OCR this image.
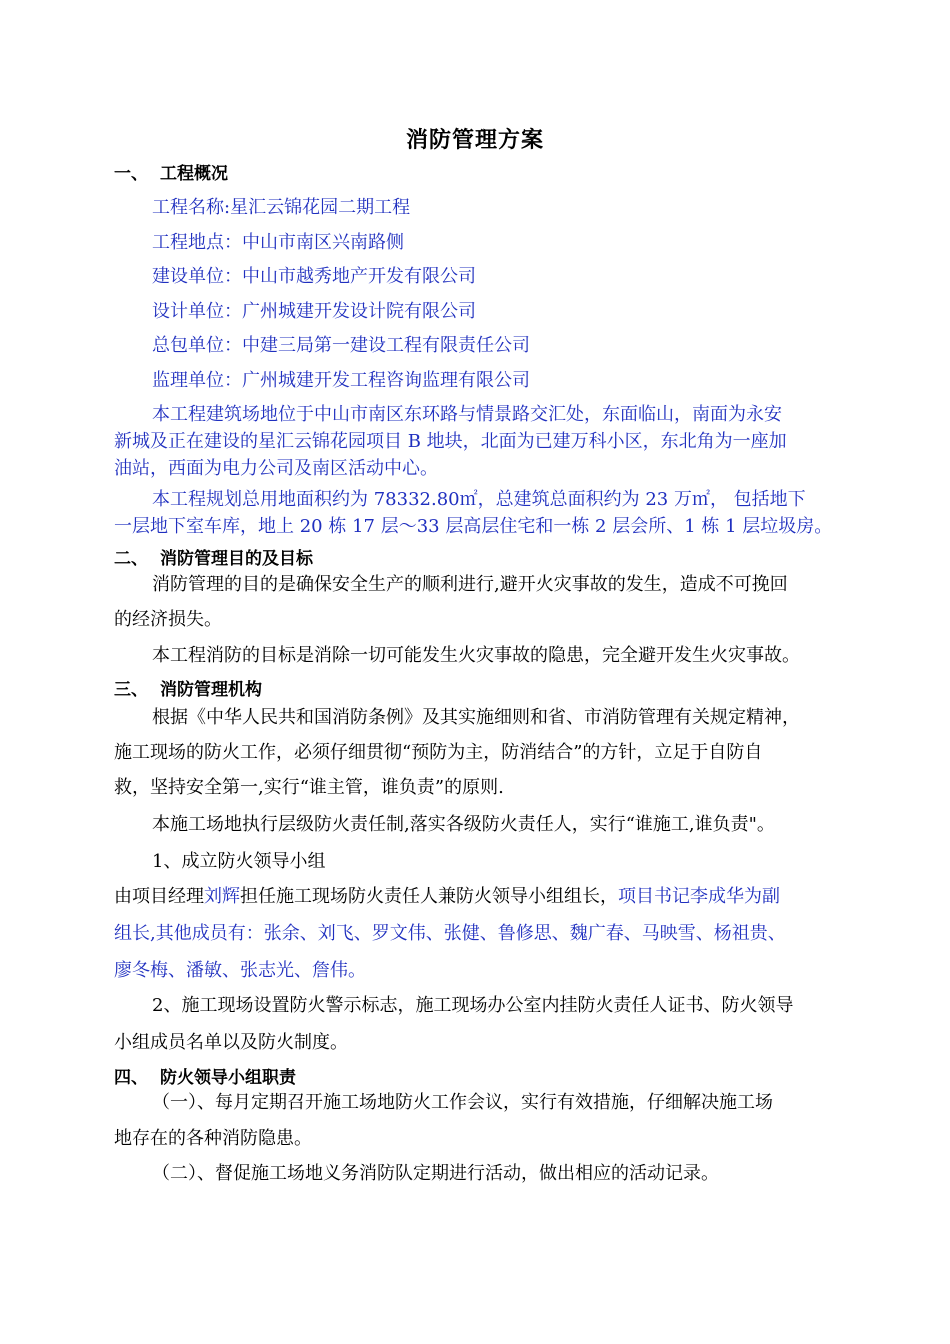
消防管理方案
一、 工程概况
工程名称:星汇云锦花园二期工程
工程地点：中山市南区兴南路侧
建设单位：中山市越秀地产开发有限公司
设计单位：广州城建开发设计院有限公司
总包单位：中建三局第一建设工程有限责任公司
监理单位：广州城建开发工程咨询监理有限公司
本工程建筑场地位于中山市南区东环路与情景路交汇处，东面临山，南面为永安
新城及正在建设的星汇云锦花园项目 B 地块，北面为已建万科小区，东北角为一座加
油站，西面为电力公司及南区活动中心。
本工程规划总用地面积约为 78332.80㎡，总建筑总面积约为 23 万㎡， 包括地下
一层地下室车库，地上 20 栋 17 层～33 层高层住宅和一栋 2 层会所、1 栋 1 层垃圾房。
二、 消防管理目的及目标
消防管理的目的是确保安全生产的顺利进行,避开火灾事故的发生，造成不可挽回
的经济损失。
本工程消防的目标是消除一切可能发生火灾事故的隐患，完全避开发生火灾事故。
三、 消防管理机构
根据《中华人民共和国消防条例》及其实施细则和省、市消防管理有关规定精神，
施工现场的防火工作，必须仔细贯彻“预防为主，防消结合”的方针，立足于自防自
救，坚持安全第一,实行“谁主管，谁负责”的原则.
本施工场地执行层级防火责任制,落实各级防火责任人，实行“谁施工,谁负责"。
1、成立防火领导小组
由项目经理刘辉担任施工现场防火责任人兼防火领导小组组长，项目书记李成华为副
组长,其他成员有：张余、刘飞、罗文伟、张健、鲁修思、魏广春、马映雪、杨祖贵、
廖冬梅、潘敏、张志光、詹伟。
2、施工现场设置防火警示标志，施工现场办公室内挂防火责任人证书、防火领导
小组成员名单以及防火制度。
四、 防火领导小组职责
（一）、每月定期召开施工场地防火工作会议，实行有效措施，仔细解决施工场
地存在的各种消防隐患。
（二）、督促施工场地义务消防队定期进行活动，做出相应的活动记录。
